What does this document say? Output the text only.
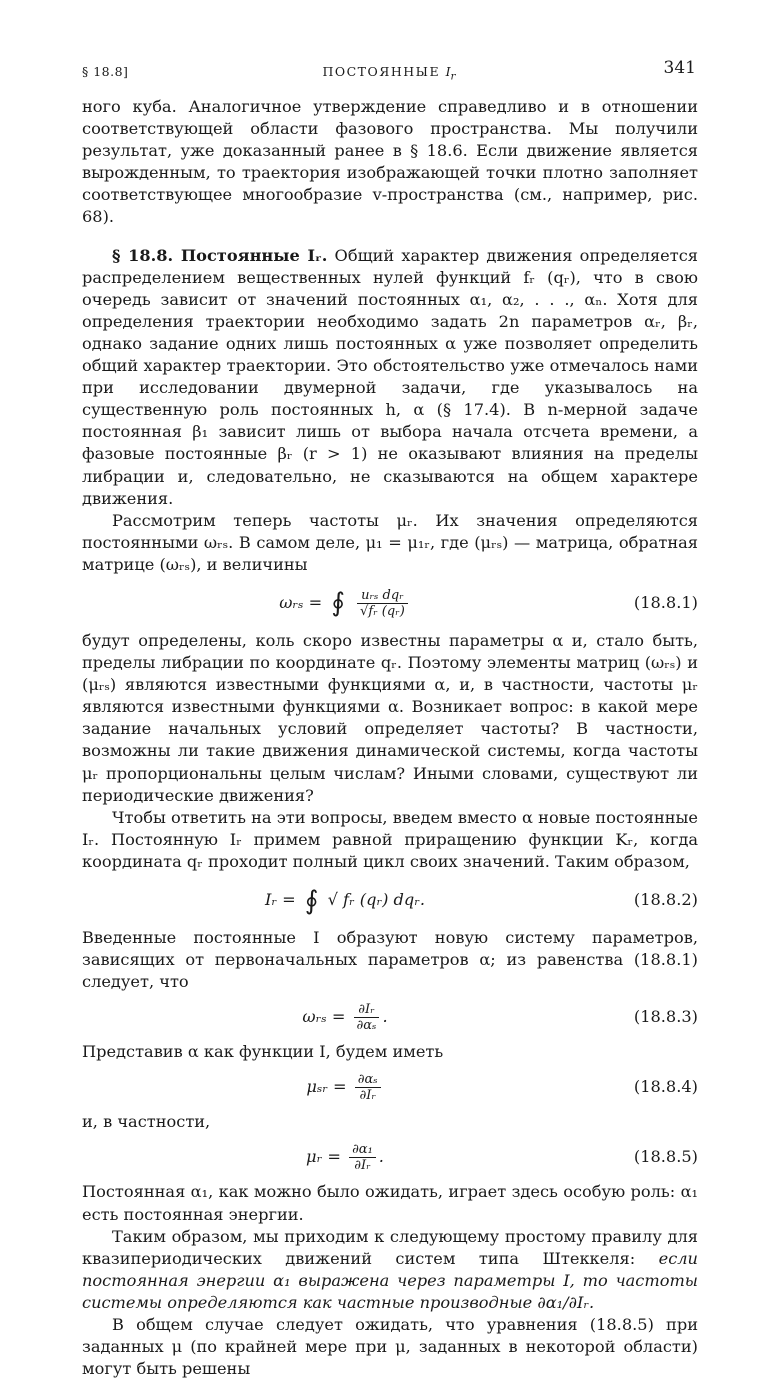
§ 18.8]	ПОСТОЯННЫЕ $I_r$	341

ного куба. Аналогичное утверждение справедливо и в отношении соответствующей области фазового пространства. Мы получили результат, уже доказанный ранее в § 18.6. Если движение является вырожденным, то траектория изображающей точки плотно заполняет соответствующее многообразие v-пространства (см., например, рис. 68).

§ 18.8. Постоянные Iᵣ. Общий характер движения определяется распределением вещественных нулей функций fᵣ (qᵣ), что в свою очередь зависит от значений постоянных α₁, α₂, . . ., αₙ. Хотя для определения траектории необходимо задать 2n параметров αᵣ, βᵣ, однако задание одних лишь постоянных α уже позволяет определить общий характер траектории. Это обстоятельство уже отмечалось нами при исследовании двумерной задачи, где указывалось на существенную роль постоянных h, α (§ 17.4). В n-мерной задаче постоянная β₁ зависит лишь от выбора начала отсчета времени, а фазовые постоянные βᵣ (r > 1) не оказывают влияния на пределы либрации и, следовательно, не сказываются на общем характере движения.

Рассмотрим теперь частоты μᵣ. Их значения определяются постоянными ωᵣₛ. В самом деле, μ₁ = μ₁ᵣ, где (μᵣₛ) — матрица, обратная матрице (ωᵣₛ), и величины

ωᵣₛ = ∮ $\frac{\text{uᵣₛ dqᵣ}}{\text{√fᵣ (qᵣ)}}$	(18.8.1)

будут определены, коль скоро известны параметры α и, стало быть, пределы либрации по координате qᵣ. Поэтому элементы матриц (ωᵣₛ) и (μᵣₛ) являются известными функциями α, и, в частности, частоты μᵣ являются известными функциями α. Возникает вопрос: в какой мере задание начальных условий определяет частоты? В частности, возможны ли такие движения динамической системы, когда частоты μᵣ пропорциональны целым числам? Иными словами, существуют ли периодические движения?

Чтобы ответить на эти вопросы, введем вместо α новые постоянные Iᵣ. Постоянную Iᵣ примем равной приращению функции Kᵣ, когда координата qᵣ проходит полный цикл своих значений. Таким образом,

Iᵣ = ∮ √ fᵣ (qᵣ) dqᵣ.	(18.8.2)

Введенные постоянные I образуют новую систему параметров, зависящих от первоначальных параметров α; из равенства (18.8.1) следует, что

ωᵣₛ = $\frac{\text{∂Iᵣ}}{\text{∂αₛ}}$ .	(18.8.3)

Представив α как функции I, будем иметь

μₛᵣ = $\frac{\text{∂αₛ}}{\text{∂Iᵣ}}$	(18.8.4)

и, в частности,

μᵣ = $\frac{\text{∂α₁}}{\text{∂Iᵣ}}$ .	(18.8.5)

Постоянная α₁, как можно было ожидать, играет здесь особую роль: α₁ есть постоянная энергии.

Таким образом, мы приходим к следующему простому правилу для квазипериодических движений систем типа Штеккеля: если постоянная энергии α₁ выражена через параметры I, то частоты системы определяются как частные производные ∂α₁/∂Iᵣ.

В общем случае следует ожидать, что уравнения (18.8.5) при заданных μ (по крайней мере при μ, заданных в некоторой области) могут быть решены
